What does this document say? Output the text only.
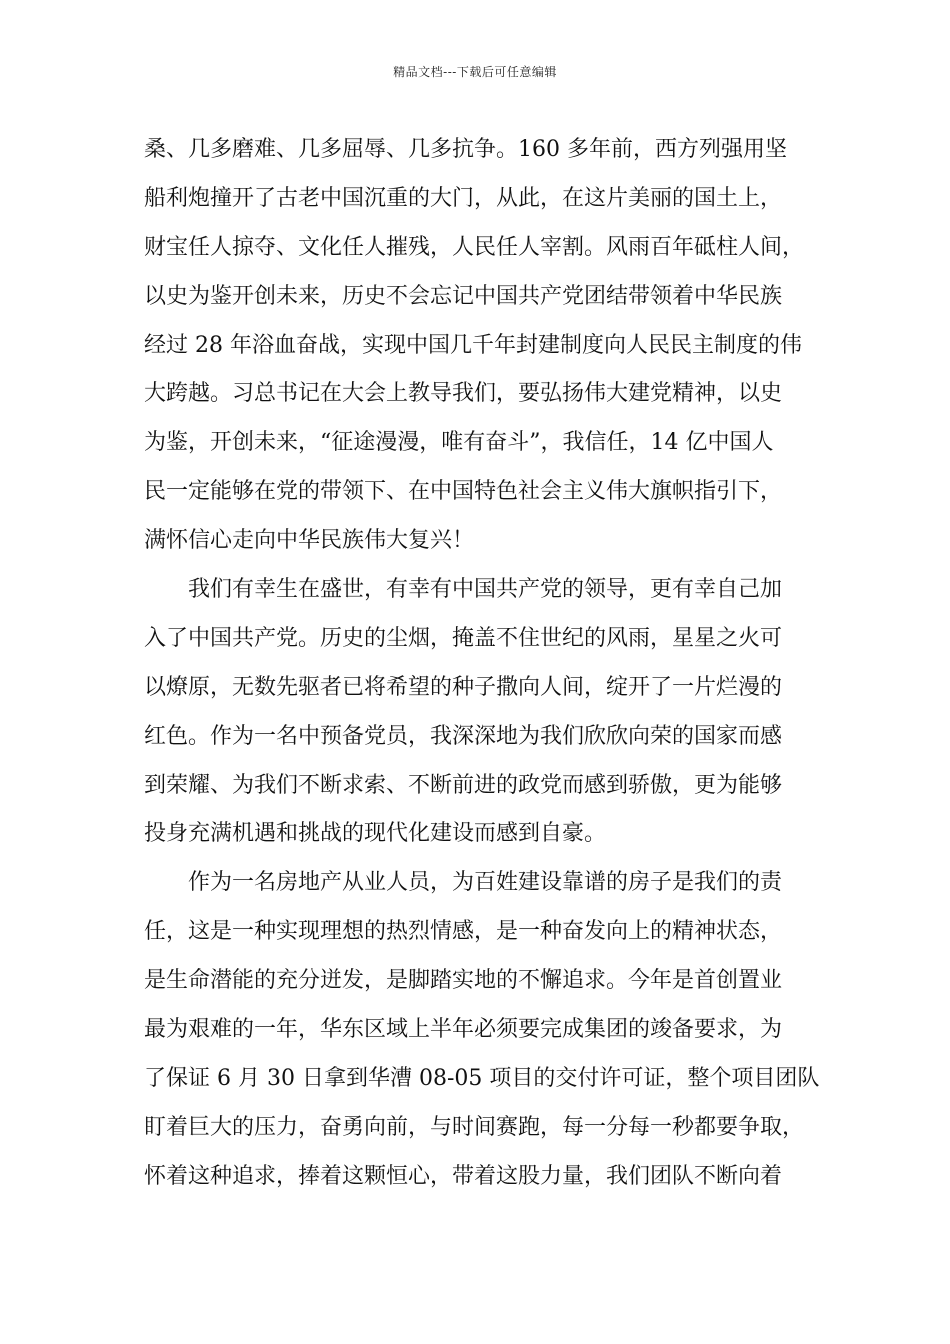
精品文档---下载后可任意编辑
桑、几多磨难、几多屈辱、几多抗争。160 多年前，西方列强用坚
船利炮撞开了古老中国沉重的大门，从此，在这片美丽的国土上，
财宝任人掠夺、文化任人摧残，人民任人宰割。风雨百年砥柱人间，
以史为鉴开创未来，历史不会忘记中国共产党团结带领着中华民族
经过 28 年浴血奋战，实现中国几千年封建制度向人民民主制度的伟
大跨越。习总书记在大会上教导我们，要弘扬伟大建党精神，以史
为鉴，开创未来，“征途漫漫，唯有奋斗”，我信任，14 亿中国人
民一定能够在党的带领下、在中国特色社会主义伟大旗帜指引下，
满怀信心走向中华民族伟大复兴！
我们有幸生在盛世，有幸有中国共产党的领导，更有幸自己加
入了中国共产党。历史的尘烟，掩盖不住世纪的风雨，星星之火可
以燎原，无数先驱者已将希望的种子撒向人间，绽开了一片烂漫的
红色。作为一名中预备党员，我深深地为我们欣欣向荣的国家而感
到荣耀、为我们不断求索、不断前进的政党而感到骄傲，更为能够
投身充满机遇和挑战的现代化建设而感到自豪。
作为一名房地产从业人员，为百姓建设靠谱的房子是我们的责
任，这是一种实现理想的热烈情感，是一种奋发向上的精神状态，
是生命潜能的充分迸发，是脚踏实地的不懈追求。今年是首创置业
最为艰难的一年，华东区域上半年必须要完成集团的竣备要求，为
了保证 6 月 30 日拿到华漕 08-05 项目的交付许可证，整个项目团队
盯着巨大的压力，奋勇向前，与时间赛跑，每一分每一秒都要争取，
怀着这种追求，捧着这颗恒心，带着这股力量，我们团队不断向着
